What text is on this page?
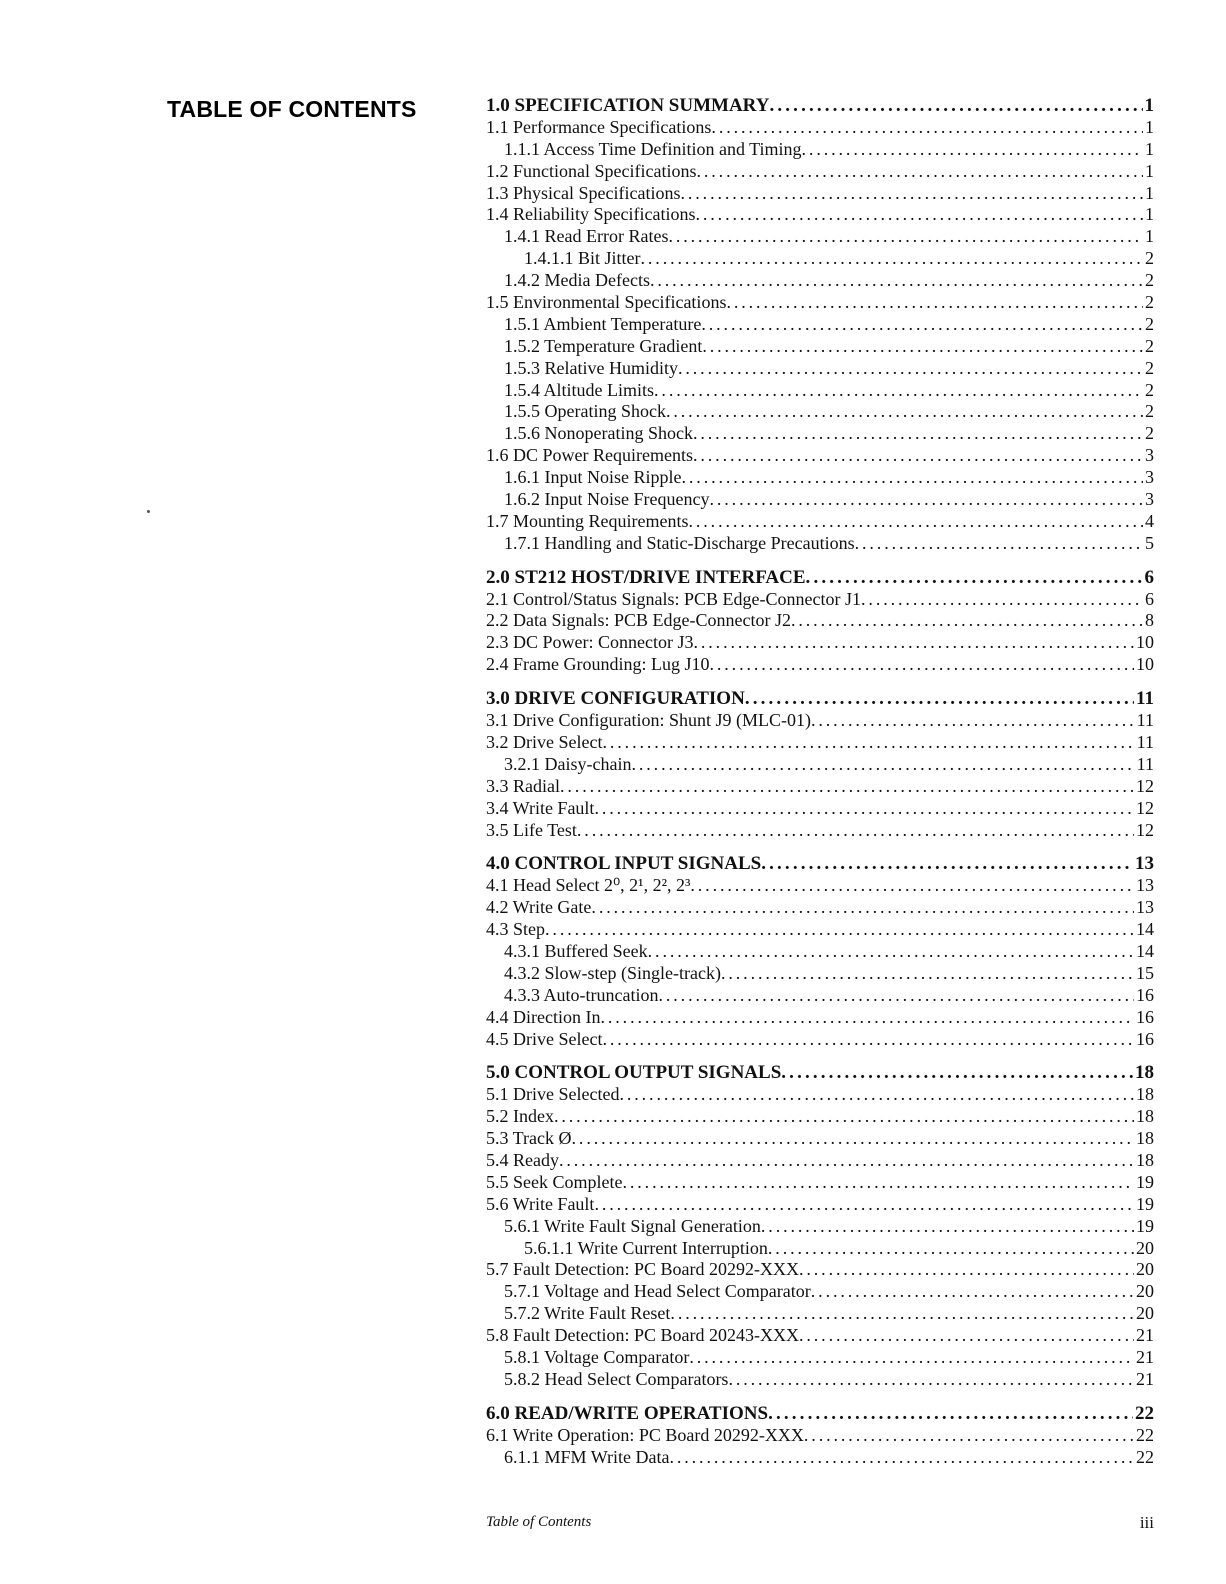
TABLE OF CONTENTS	1.0 SPECIFICATION SUMMARY . . .	1
1.1 Performance Specifications . . .	1
1.1.1 Access Time Definition and Timing . . .	1
1.2 Functional Specifications . . .	1
1.3 Physical Specifications . . .	1
1.4 Reliability Specifications . . .	1
1.4.1 Read Error Rates . . .	1
1.4.1.1 Bit Jitter . . .	2
1.4.2 Media Defects . . .	2
1.5 Environmental Specifications . . .	2
1.5.1 Ambient Temperature . . .	2
1.5.2 Temperature Gradient . . .	2
1.5.3 Relative Humidity . . .	2
1.5.4 Altitude Limits . . .	2
1.5.5 Operating Shock . . .	2
1.5.6 Nonoperating Shock . . .	2
1.6 DC Power Requirements . . .	3
1.6.1 Input Noise Ripple . . .	3
1.6.2 Input Noise Frequency . . .	3
1.7 Mounting Requirements . . .	4
1.7.1 Handling and Static-Discharge Precautions . . .	5
2.0 ST212 HOST/DRIVE INTERFACE . . .	6
2.1 Control/Status Signals: PCB Edge-Connector J1 . . .	6
2.2 Data Signals: PCB Edge-Connector J2 . . .	8
2.3 DC Power: Connector J3 . . .	10
2.4 Frame Grounding: Lug J10 . . .	10
3.0 DRIVE CONFIGURATION . . .	11
3.1 Drive Configuration: Shunt J9 (MLC-01) . . .	11
3.2 Drive Select . . .	11
3.2.1 Daisy-chain . . .	11
3.3 Radial . . .	12
3.4 Write Fault . . .	12
3.5 Life Test . . .	12
4.0 CONTROL INPUT SIGNALS . . .	13
4.1 Head Select 2⁰, 2¹, 2², 2³ . . .	13
4.2 Write Gate . . .	13
4.3 Step . . .	14
4.3.1 Buffered Seek . . .	14
4.3.2 Slow-step (Single-track) . . .	15
4.3.3 Auto-truncation . . .	16
4.4 Direction In . . .	16
4.5 Drive Select . . .	16
5.0 CONTROL OUTPUT SIGNALS . . .	18
5.1 Drive Selected . . .	18
5.2 Index . . .	18
5.3 Track Ø . . .	18
5.4 Ready . . .	18
5.5 Seek Complete . . .	19
5.6 Write Fault . . .	19
5.6.1 Write Fault Signal Generation . . .	19
5.6.1.1 Write Current Interruption . . .	20
5.7 Fault Detection: PC Board 20292-XXX . . .	20
5.7.1 Voltage and Head Select Comparator . . .	20
5.7.2 Write Fault Reset . . .	20
5.8 Fault Detection: PC Board 20243-XXX . . .	21
5.8.1 Voltage Comparator . . .	21
5.8.2 Head Select Comparators . . .	21
6.0 READ/WRITE OPERATIONS . . .	22
6.1 Write Operation: PC Board 20292-XXX . . .	22
6.1.1 MFM Write Data . . .	22
Table of Contents	iii
